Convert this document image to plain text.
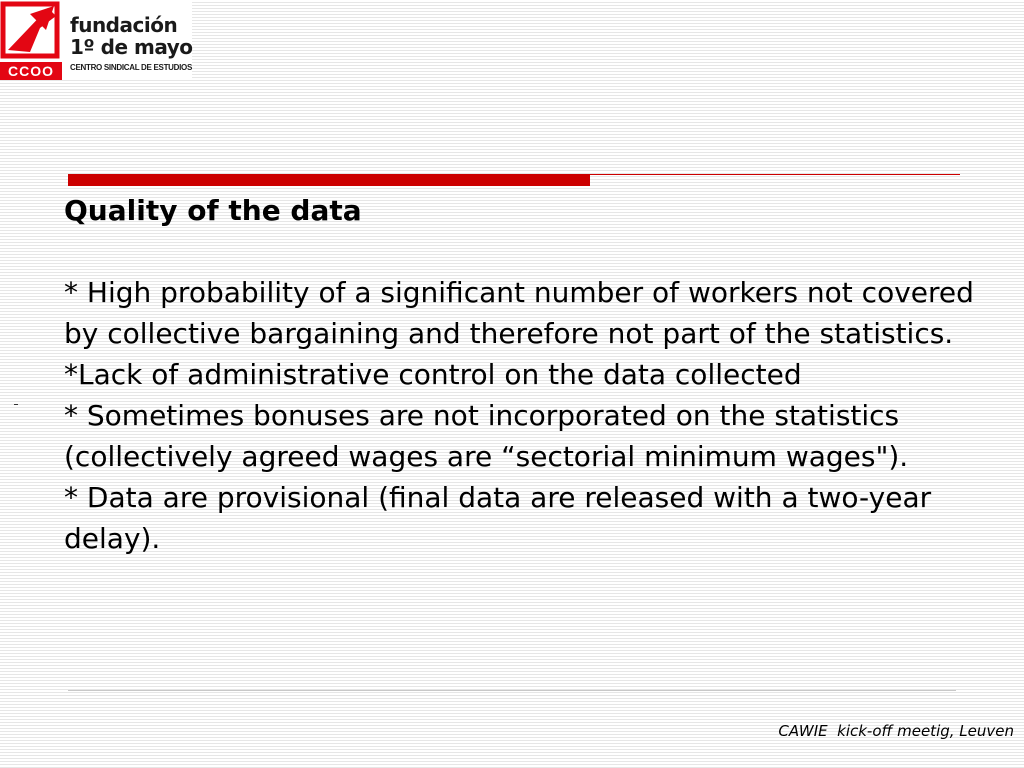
CCOO
fundación
1º de mayo
CENTRO SINDICAL DE ESTUDIOS
Quality of the data
* High probability of a significant number of workers not covered by collective bargaining and therefore not part of the statistics.
*Lack of administrative control on the data collected
* Sometimes bonuses are not incorporated on the statistics (collectively agreed wages are “sectorial minimum wages").
* Data are provisional (final data are released with a two-year delay).
CAWIE  kick-off meetig, Leuven
